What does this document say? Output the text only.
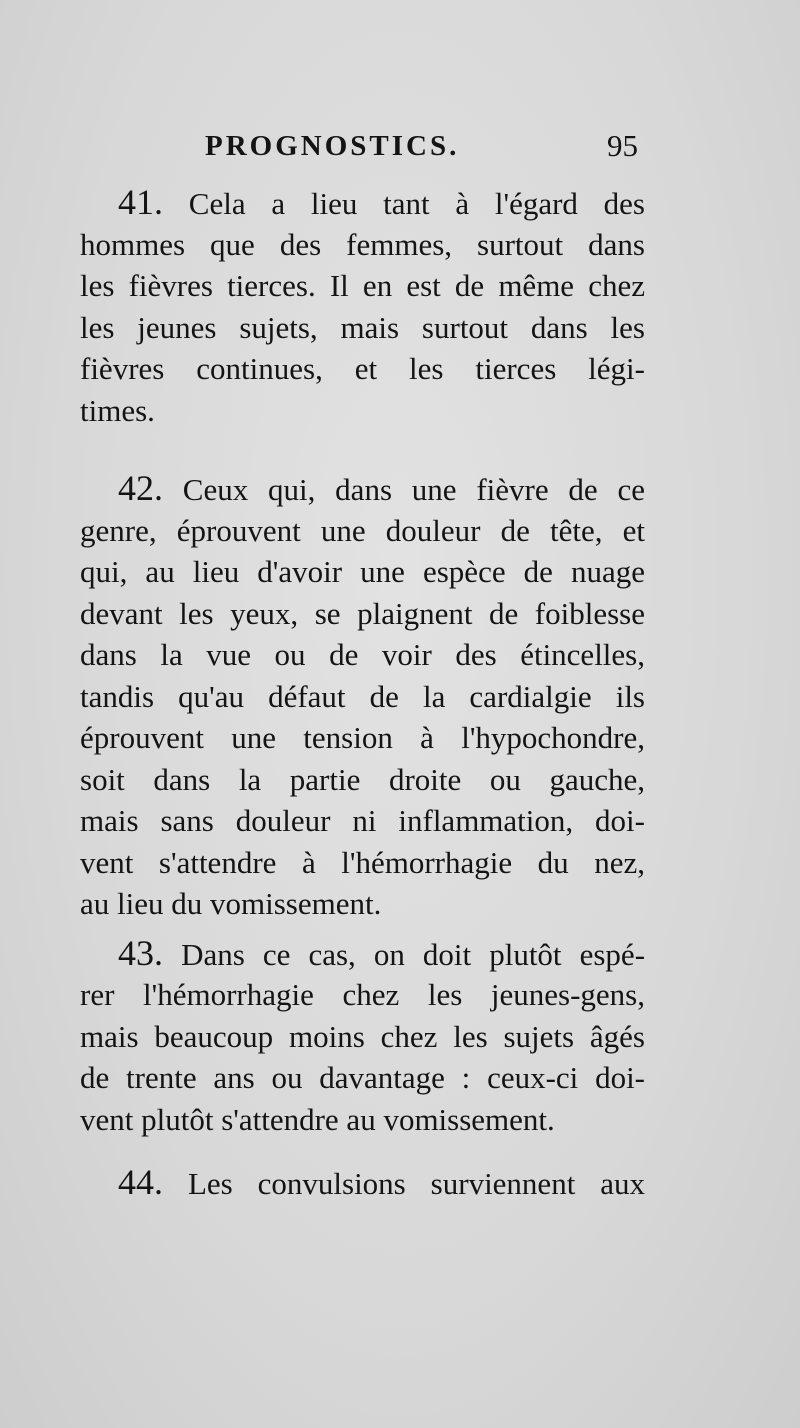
PROGNOSTICS.	95
41. Cela a lieu tant à l'égard des
hommes que des femmes, surtout dans
les fièvres tierces. Il en est de même chez
les jeunes sujets, mais surtout dans les
fièvres continues, et les tierces légi-
times.
42. Ceux qui, dans une fièvre de ce
genre, éprouvent une douleur de tête, et
qui, au lieu d'avoir une espèce de nuage
devant les yeux, se plaignent de foiblesse
dans la vue ou de voir des étincelles,
tandis qu'au défaut de la cardialgie ils
éprouvent une tension à l'hypochondre,
soit dans la partie droite ou gauche,
mais sans douleur ni inflammation, doi-
vent s'attendre à l'hémorrhagie du nez,
au lieu du vomissement.
43. Dans ce cas, on doit plutôt espé-
rer l'hémorrhagie chez les jeunes-gens,
mais beaucoup moins chez les sujets âgés
de trente ans ou davantage : ceux-ci doi-
vent plutôt s'attendre au vomissement.
44. Les convulsions surviennent aux
